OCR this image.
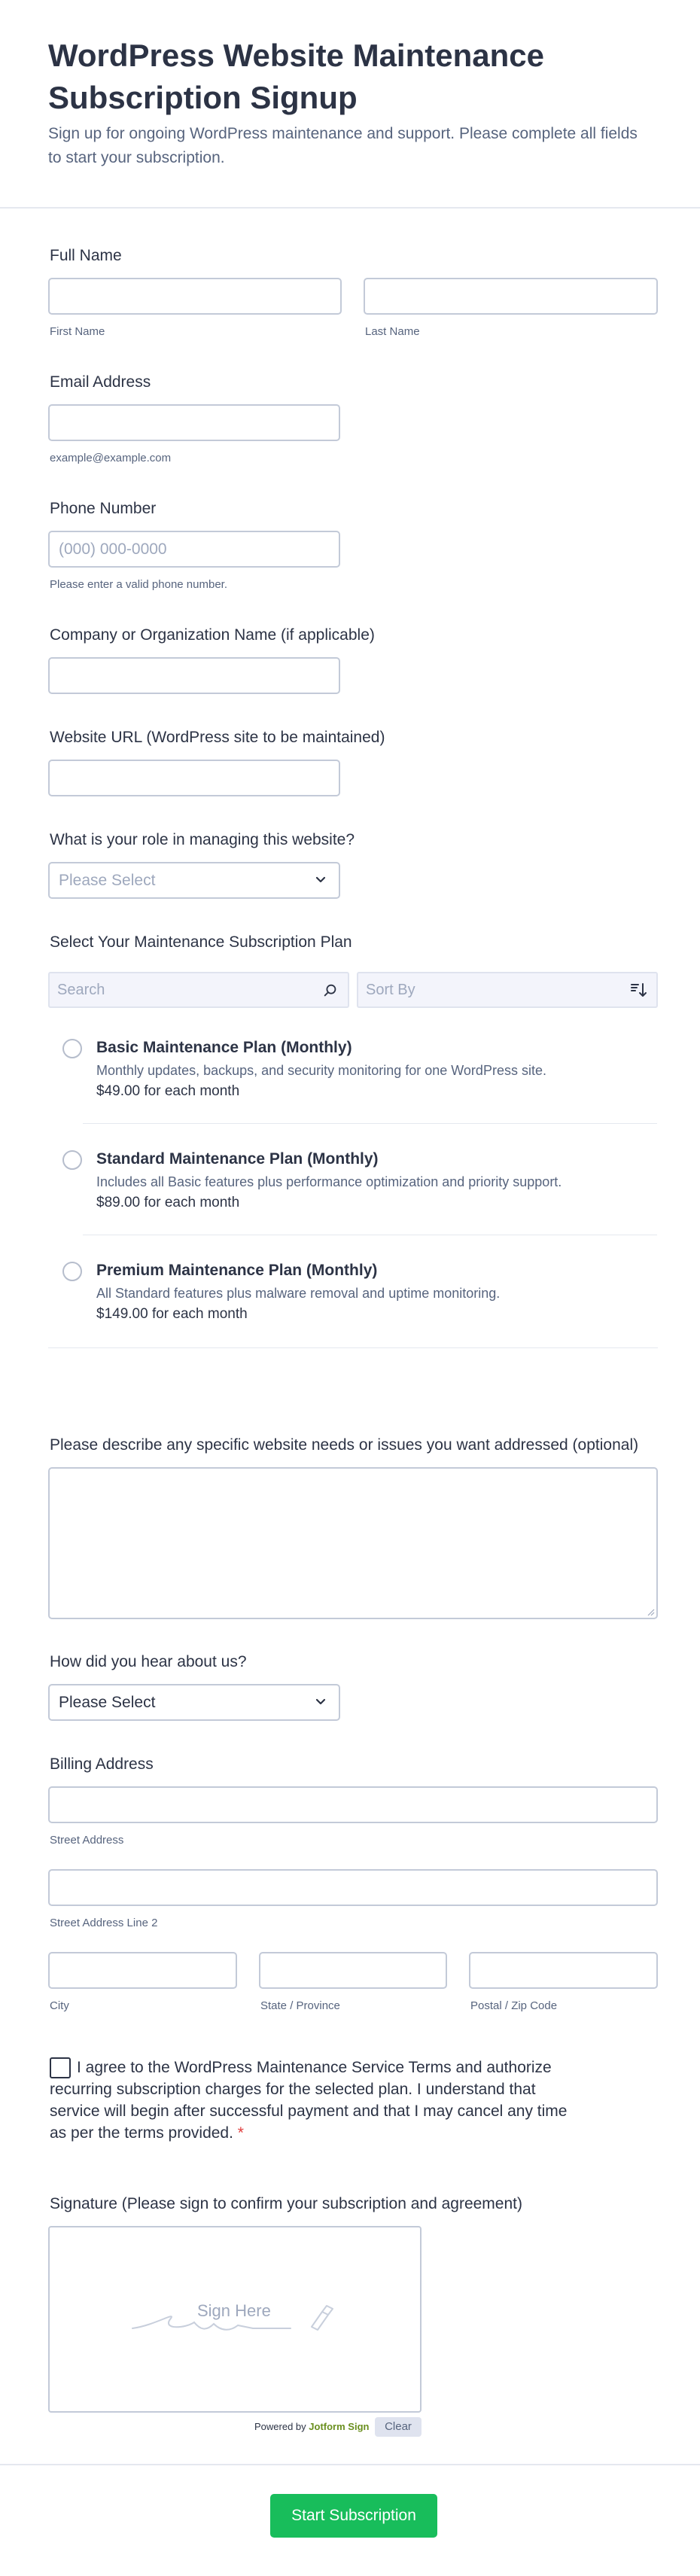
WordPress Website Maintenance Subscription Signup
Sign up for ongoing WordPress maintenance and support. Please complete all fields to start your subscription.
Full Name
First Name	Last Name
Email Address
example@example.com
Phone Number
(000) 000-0000
Please enter a valid phone number.
Company or Organization Name (if applicable)
Website URL (WordPress site to be maintained)
What is your role in managing this website?
Please Select
Select Your Maintenance Subscription Plan
Search	Sort By
Basic Maintenance Plan (Monthly)
Monthly updates, backups, and security monitoring for one WordPress site.
$49.00 for each month
Standard Maintenance Plan (Monthly)
Includes all Basic features plus performance optimization and priority support.
$89.00 for each month
Premium Maintenance Plan (Monthly)
All Standard features plus malware removal and uptime monitoring.
$149.00 for each month
Please describe any specific website needs or issues you want addressed (optional)
How did you hear about us?
Please Select
Billing Address
Street Address
Street Address Line 2
City	State / Province	Postal / Zip Code
I agree to the WordPress Maintenance Service Terms and authorize recurring subscription charges for the selected plan. I understand that service will begin after successful payment and that I may cancel any time as per the terms provided. *
Signature (Please sign to confirm your subscription and agreement)
Sign Here
Powered by Jotform Sign	Clear
Start Subscription
